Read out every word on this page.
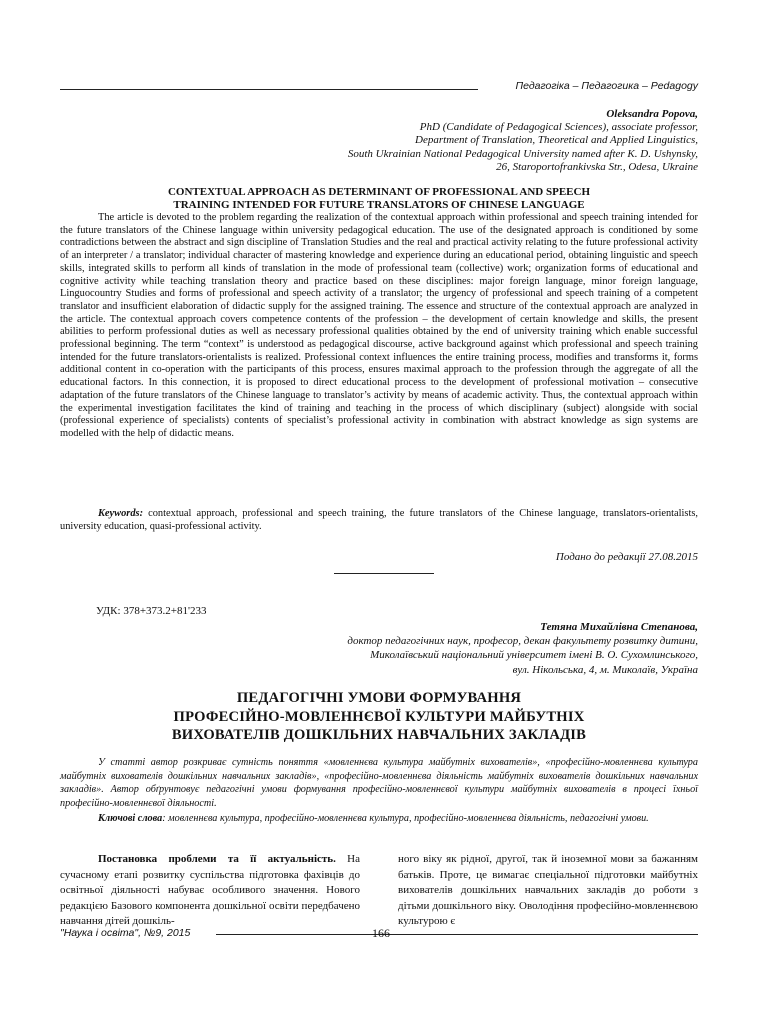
Педагогіка – Педагогика – Pedagogy
Oleksandra Popova,
PhD (Candidate of Pedagogical Sciences), associate professor,
Department of Translation, Theoretical and Applied Linguistics,
South Ukrainian National Pedagogical University named after K. D. Ushynsky,
26, Staroportofrankivska Str., Odesa, Ukraine
CONTEXTUAL APPROACH AS DETERMINANT OF PROFESSIONAL AND SPEECH
TRAINING INTENDED FOR FUTURE TRANSLATORS OF CHINESE LANGUAGE
The article is devoted to the problem regarding the realization of the contextual approach within professional and speech training intended for the future translators of the Chinese language within university pedagogical education. The use of the designated approach is conditioned by some contradictions between the abstract and sign discipline of Translation Studies and the real and practical activity relating to the future professional activity of an interpreter / a translator; individual character of mastering knowledge and experience during an educational period, obtaining linguistic and speech skills, integrated skills to perform all kinds of translation in the mode of professional team (collective) work; organization forms of educational and cognitive activity while teaching translation theory and practice based on these disciplines: major foreign language, minor foreign language, Linguocountry Studies and forms of professional and speech activity of a translator; the urgency of professional and speech training of a competent translator and insufficient elaboration of didactic supply for the assigned training. The essence and structure of the contextual approach are analyzed in the article. The contextual approach covers competence contents of the profession – the development of certain knowledge and skills, the present abilities to perform professional duties as well as necessary professional qualities obtained by the end of university training which enable successful professional beginning. The term “context” is understood as pedagogical discourse, active background against which professional and speech training intended for the future translators-orientalists is realized. Professional context influences the entire training process, modifies and transforms it, forms additional content in co-operation with the participants of this process, ensures maximal approach to the profession through the aggregate of all the educational factors. In this connection, it is proposed to direct educational process to the development of professional motivation – consecutive adaptation of the future translators of the Chinese language to translator’s activity by means of academic activity. Thus, the contextual approach within the experimental investigation facilitates the kind of training and teaching in the process of which disciplinary (subject) alongside with social (professional experience of specialists) contents of specialist’s professional activity in combination with abstract knowledge as sign systems are modelled with the help of didactic means.
Keywords: contextual approach, professional and speech training, the future translators of the Chinese language, translators-orientalists, university education, quasi-professional activity.
Подано до редакції 27.08.2015
УДК: 378+373.2+81'233
Тетяна Михайлівна Степанова,
доктор педагогічних наук, професор, декан факультету розвитку дитини,
Миколаївський національний університет імені В. О. Сухомлинського,
вул. Нікольська, 4, м. Миколаїв, Україна
ПЕДАГОГІЧНІ УМОВИ ФОРМУВАННЯ
ПРОФЕСІЙНО-МОВЛЕННЄВОЇ КУЛЬТУРИ МАЙБУТНІХ
ВИХОВАТЕЛІВ ДОШКІЛЬНИХ НАВЧАЛЬНИХ ЗАКЛАДІВ
У статті автор розкриває сутність поняття «мовленнєва культура майбутніх вихователів», «професійно-мовленнєва культура майбутніх вихователів дошкільних навчальних закладів», «професійно-мовленнєва діяльність майбутніх вихователів дошкільних навчальних закладів». Автор обґрунтовує педагогічні умови формування професійно-мовленнєвої культури майбутніх вихователів в процесі їхньої професійно-мовленнєвої діяльності.
Ключові слова: мовленнєва культура, професійно-мовленнєва культура, професійно-мовленнєва діяльність, педагогічні умови.
Постановка проблеми та її актуальність. На сучасному етапі розвитку суспільства підготовка фахівців до освітньої діяльності набуває особливого значення. Нового редакцією Базового компонента дошкільної освіти передбачено навчання дітей дошкіль-
ного віку як рідної, другої, так й іноземної мови за бажанням батьків. Проте, це вимагає спеціальної підготовки майбутніх вихователів дошкільних навчальних закладів до роботи з дітьми дошкільного віку. Оволодіння професійно-мовленнєвою культурою є
"Наука і освіта", №9, 2015	166
